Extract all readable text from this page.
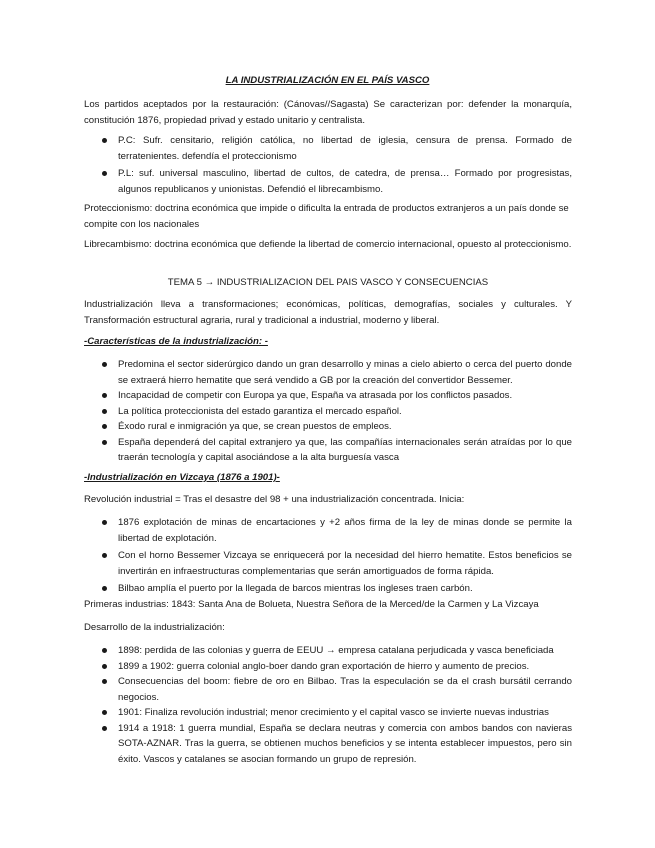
LA INDUSTRIALIZACIÓN EN EL PAÍS VASCO
Los partidos aceptados por la restauración: (Cánovas//Sagasta) Se caracterizan por: defender la monarquía, constitución 1876, propiedad privad y estado unitario y centralista.
P.C: Sufr. censitario, religión católica, no libertad de iglesia, censura de prensa. Formado de terratenientes. defendía el proteccionismo
P.L: suf. universal masculino, libertad de cultos, de catedra, de prensa… Formado por progresistas, algunos republicanos y unionistas. Defendió el librecambismo.
Proteccionismo: doctrina económica que impide o dificulta la entrada de productos extranjeros a un país donde se compite con los nacionales
Librecambismo: doctrina económica que defiende la libertad de comercio internacional, opuesto al proteccionismo.
TEMA 5 → INDUSTRIALIZACION DEL PAIS VASCO Y CONSECUENCIAS
Industrialización lleva a transformaciones; económicas, políticas, demografías, sociales y culturales. Y Transformación estructural agraria, rural y tradicional a industrial, moderno y liberal.
-Características de la industrialización: -
Predomina el sector siderúrgico dando un gran desarrollo y minas a cielo abierto o cerca del puerto donde se extraerá hierro hematite que será vendido a GB por la creación del convertidor Bessemer.
Incapacidad de competir con Europa ya que, España va atrasada por los conflictos pasados.
La política proteccionista del estado garantiza el mercado español.
Éxodo rural e inmigración ya que, se crean puestos de empleos.
España dependerá del capital extranjero ya que, las compañías internacionales serán atraídas por lo que traerán tecnología y capital asociándose a la alta burguesía vasca
-Industrialización en Vizcaya (1876 a 1901)-
Revolución industrial = Tras el desastre del 98 + una industrialización concentrada. Inicia:
1876 explotación de minas de encartaciones y +2 años firma de la ley de minas donde se permite la libertad de explotación.
Con el horno Bessemer Vizcaya se enriquecerá por la necesidad del hierro hematite. Estos beneficios se invertirán en infraestructuras complementarias que serán amortiguados de forma rápida.
Bilbao amplía el puerto por la llegada de barcos mientras los ingleses traen carbón.
Primeras industrias: 1843: Santa Ana de Bolueta, Nuestra Señora de la Merced/de la Carmen y La Vizcaya
Desarrollo de la industrialización:
1898: perdida de las colonias y guerra de EEUU → empresa catalana perjudicada y vasca beneficiada
1899 a 1902: guerra colonial anglo-boer dando gran exportación de hierro y aumento de precios.
Consecuencias del boom: fiebre de oro en Bilbao. Tras la especulación se da el crash bursátil cerrando negocios.
1901: Finaliza revolución industrial; menor crecimiento y el capital vasco se invierte nuevas industrias
1914 a 1918: 1 guerra mundial, España se declara neutras y comercia con ambos bandos con navieras SOTA-AZNAR. Tras la guerra, se obtienen muchos beneficios y se intenta establecer impuestos, pero sin éxito. Vascos y catalanes se asocian formando un grupo de represión.
